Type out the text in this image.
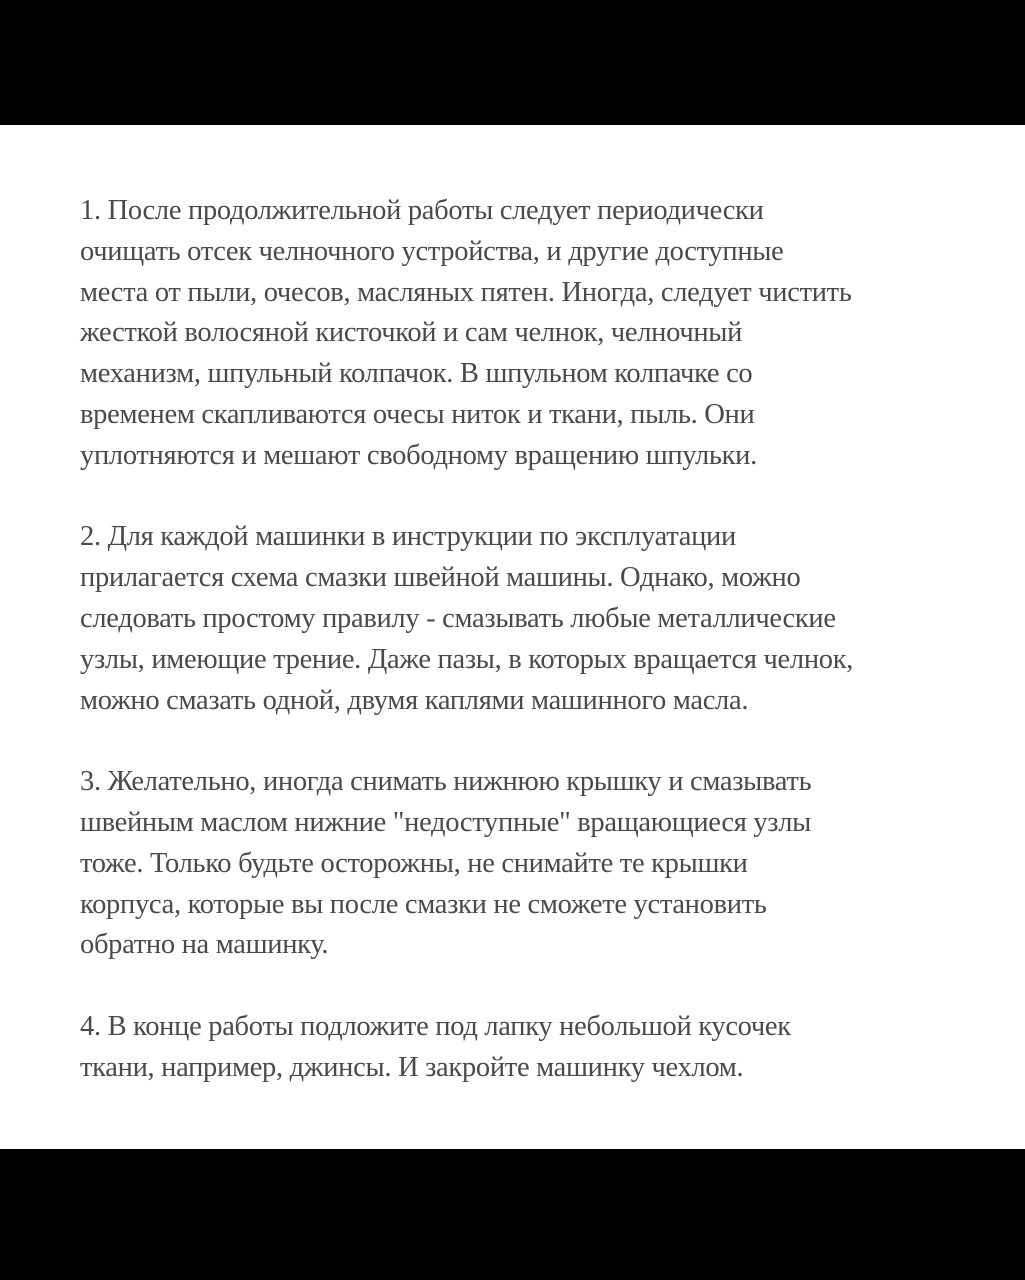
1. После продолжительной работы следует периодически
очищать отсек челночного устройства, и другие доступные
места от пыли, очесов, масляных пятен. Иногда, следует чистить
жесткой волосяной кисточкой и сам челнок, челночный
механизм, шпульный колпачок. В шпульном колпачке со
временем скапливаются очесы ниток и ткани, пыль. Они
уплотняются и мешают свободному вращению шпульки.

2. Для каждой машинки в инструкции по эксплуатации
прилагается схема смазки швейной машины. Однако, можно
следовать простому правилу - смазывать любые металлические
узлы, имеющие трение. Даже пазы, в которых вращается челнок,
можно смазать одной, двумя каплями машинного масла.

3. Желательно, иногда снимать нижнюю крышку и смазывать
швейным маслом нижние "недоступные" вращающиеся узлы
тоже. Только будьте осторожны, не снимайте те крышки
корпуса, которые вы после смазки не сможете установить
обратно на машинку.

4. В конце работы подложите под лапку небольшой кусочек
ткани, например, джинсы. И закройте машинку чехлом.
